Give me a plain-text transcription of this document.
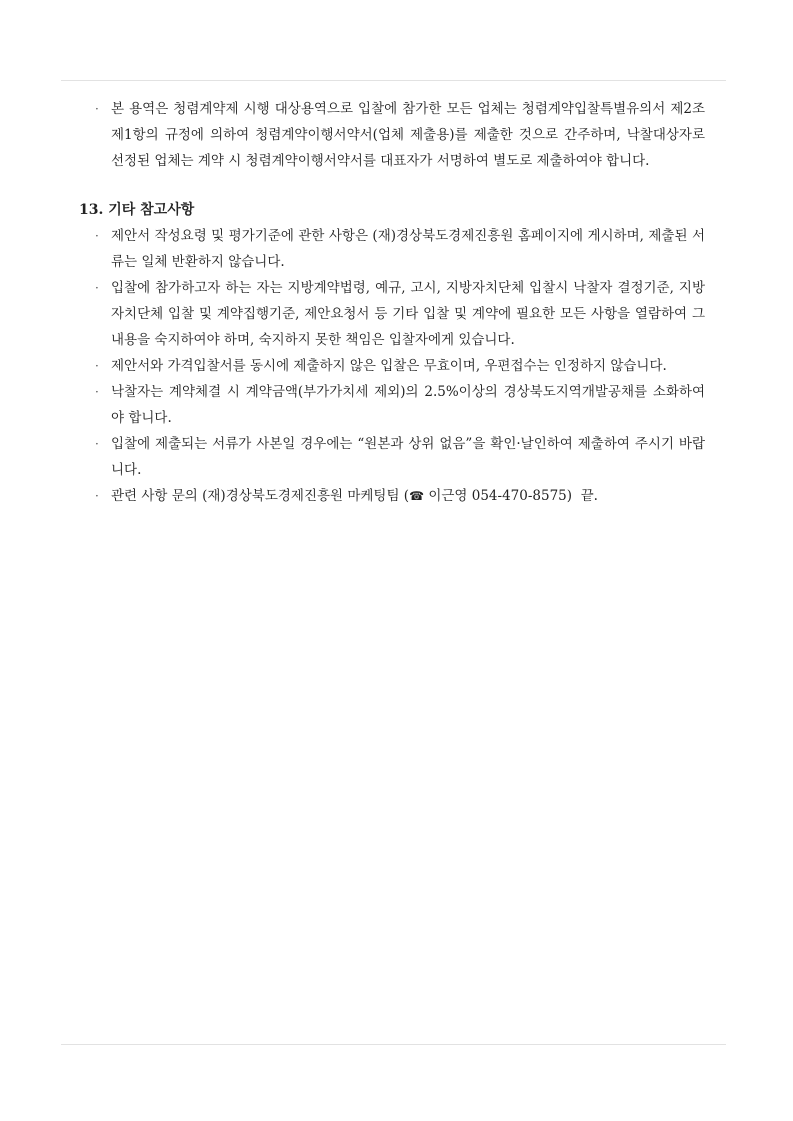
· 본 용역은 청렴계약제 시행 대상용역으로 입찰에 참가한 모든 업체는 청렴계약입찰특별유의서 제2조 제1항의 규정에 의하여 청렴계약이행서약서(업체 제출용)를 제출한 것으로 간주하며, 낙찰대상자로 선정된 업체는 계약 시 청렴계약이행서약서를 대표자가 서명하여 별도로 제출하여야 합니다.
13. 기타 참고사항
· 제안서 작성요령 및 평가기준에 관한 사항은 (재)경상북도경제진흥원 홈페이지에 게시하며, 제출된 서류는 일체 반환하지 않습니다.
· 입찰에 참가하고자 하는 자는 지방계약법령, 예규, 고시, 지방자치단체 입찰시 낙찰자 결정기준, 지방자치단체 입찰 및 계약집행기준, 제안요청서 등 기타 입찰 및 계약에 필요한 모든 사항을 열람하여 그 내용을 숙지하여야 하며, 숙지하지 못한 책임은 입찰자에게 있습니다.
· 제안서와 가격입찰서를 동시에 제출하지 않은 입찰은 무효이며, 우편접수는 인정하지 않습니다.
· 낙찰자는 계약체결 시 계약금액(부가가치세 제외)의 2.5%이상의 경상북도지역개발공채를 소화하여야 합니다.
· 입찰에 제출되는 서류가 사본일 경우에는 “원본과 상위 없음”을 확인·날인하여 제출하여 주시기 바랍니다.
· 관련 사항 문의 (재)경상북도경제진흥원 마케팅팀 (☎ 이근영 054-470-8575) 끝.
